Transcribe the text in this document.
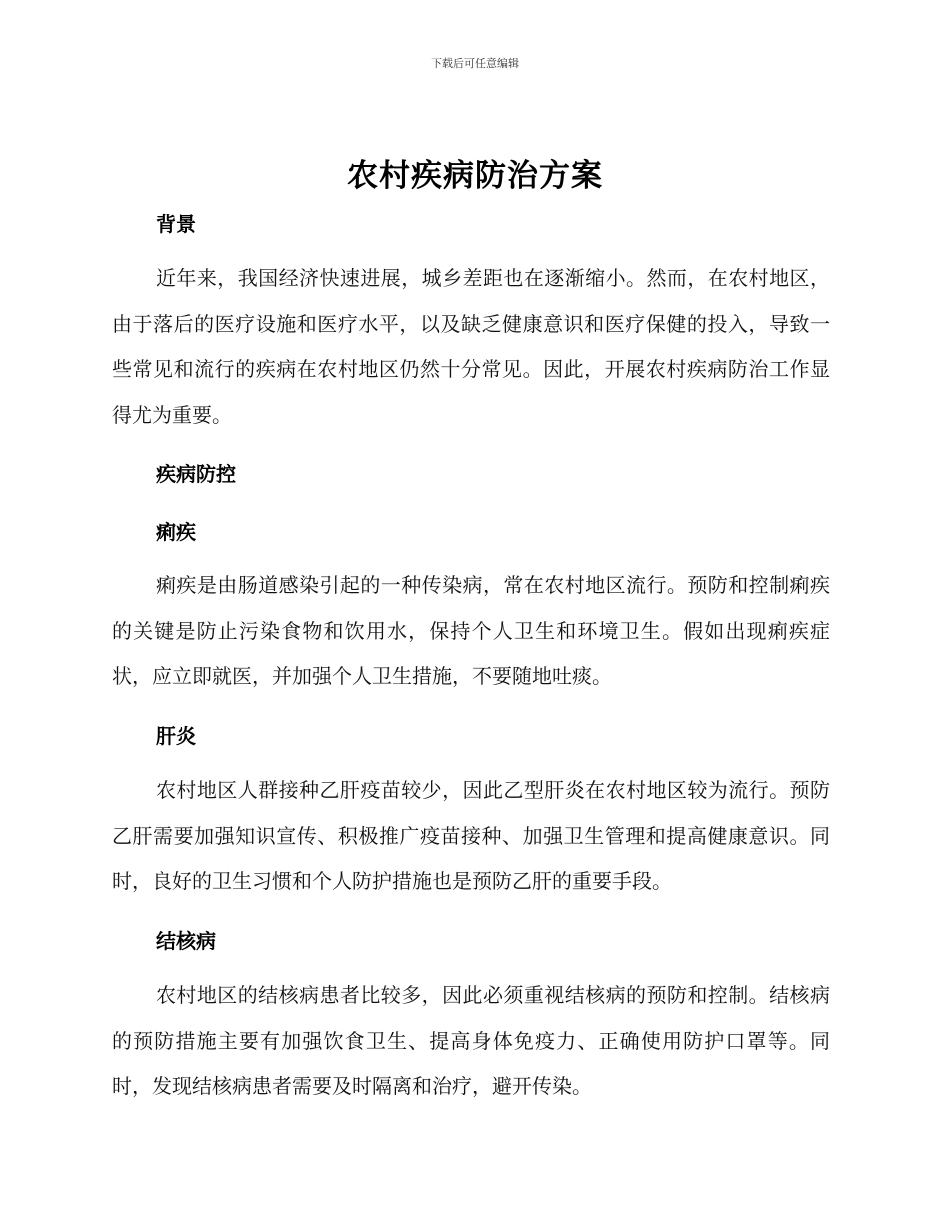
下载后可任意编辑
农村疾病防治方案
背景
近年来，我国经济快速进展，城乡差距也在逐渐缩小。然而，在农村地区，由于落后的医疗设施和医疗水平，以及缺乏健康意识和医疗保健的投入，导致一些常见和流行的疾病在农村地区仍然十分常见。因此，开展农村疾病防治工作显得尤为重要。
疾病防控
痢疾
痢疾是由肠道感染引起的一种传染病，常在农村地区流行。预防和控制痢疾的关键是防止污染食物和饮用水，保持个人卫生和环境卫生。假如出现痢疾症状，应立即就医，并加强个人卫生措施，不要随地吐痰。
肝炎
农村地区人群接种乙肝疫苗较少，因此乙型肝炎在农村地区较为流行。预防乙肝需要加强知识宣传、积极推广疫苗接种、加强卫生管理和提高健康意识。同时，良好的卫生习惯和个人防护措施也是预防乙肝的重要手段。
结核病
农村地区的结核病患者比较多，因此必须重视结核病的预防和控制。结核病的预防措施主要有加强饮食卫生、提高身体免疫力、正确使用防护口罩等。同时，发现结核病患者需要及时隔离和治疗，避开传染。
